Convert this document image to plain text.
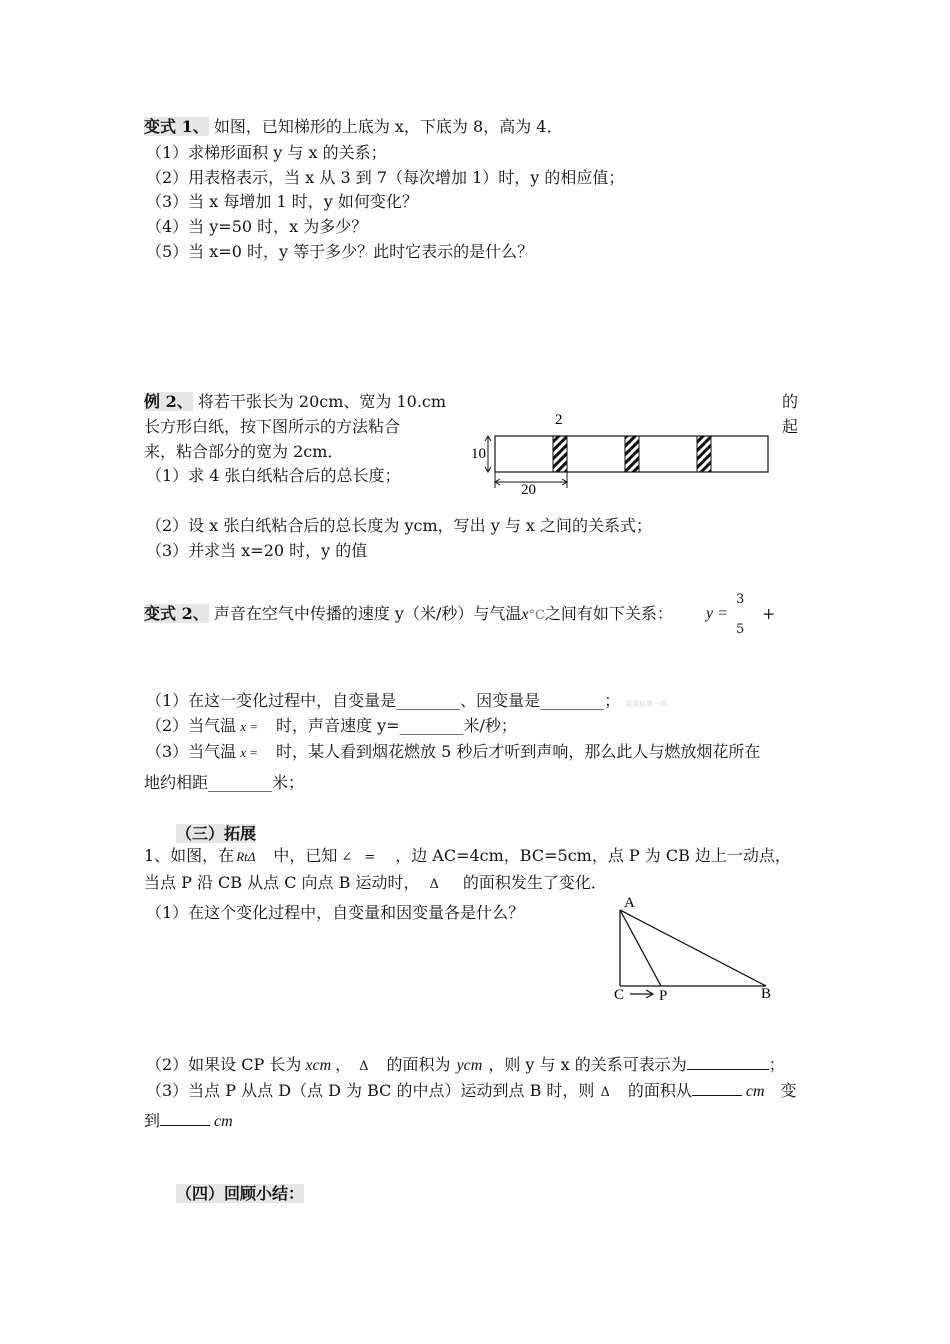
变式 1、 如图，已知梯形的上底为 x，下底为 8，高为 4．
（1）求梯形面积 y 与 x 的关系；
（2）用表格表示，当 x 从 3 到 7（每次增加 1）时，y 的相应值；
（3）当 x 每增加 1 时，y 如何变化？
（4）当 y=50 时，x 为多少？
（5）当 x=0 时，y 等于多少？此时它表示的是什么？
例 2、 将若干张长为 20cm、宽为 10.cm	的
长方形白纸，按下图所示的方法粘合	起
来，粘合部分的宽为 2cm．
（1）求 4 张白纸粘合后的总长度；
2
10
20
（2）设 x 张白纸粘合后的总长度为 ycm，写出 y 与 x 之间的关系式；
（3）并求当 x=20 时，y 的值
变式 2、 声音在空气中传播的速度 y（米/秒）与气温x°C之间有如下关系： y =
3
5
+
（1）在这一变化过程中，自变量是________、因变量是________； 新课标第一网
（2）当气温 x = 时，声音速度 y=________米/秒；
（3）当气温 x = 时，某人看到烟花燃放 5 秒后才听到声响，那么此人与燃放烟花所在
地约相距________米；
（三）拓展
1、如图，在 RtΔ 中，已知 ∠ = ，边 AC=4cm，BC=5cm，点 P 为 CB 边上一动点，
当点 P 沿 CB 从点 C 向点 B 运动时， Δ 的面积发生了变化．
（1）在这个变化过程中，自变量和因变量各是什么？	A
B
C P
（2）如果设 CP 长为 xcm ， Δ 的面积为 ycm ，则 y 与 x 的关系可表示为	；
（3）当点 P 从点 D（点 D 为 BC 的中点）运动到点 B 时，则 Δ 的面积从	cm 变
到	cm
（四）回顾小结：
